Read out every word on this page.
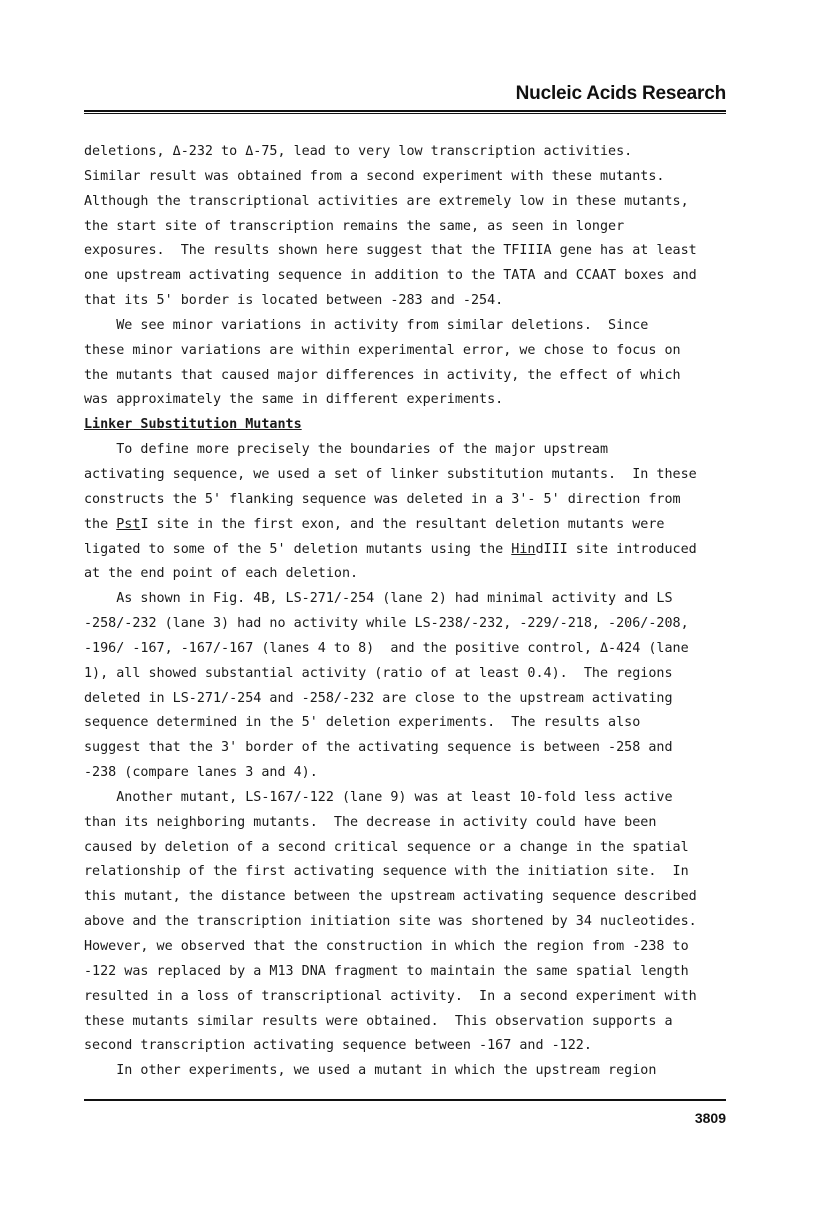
Nucleic Acids Research
deletions, Δ-232 to Δ-75, lead to very low transcription activities.
Similar result was obtained from a second experiment with these mutants.
Although the transcriptional activities are extremely low in these mutants,
the start site of transcription remains the same, as seen in longer
exposures.  The results shown here suggest that the TFIIIA gene has at least
one upstream activating sequence in addition to the TATA and CCAAT boxes and
that its 5' border is located between -283 and -254.
We see minor variations in activity from similar deletions.  Since
these minor variations are within experimental error, we chose to focus on
the mutants that caused major differences in activity, the effect of which
was approximately the same in different experiments.
Linker Substitution Mutants
To define more precisely the boundaries of the major upstream
activating sequence, we used a set of linker substitution mutants.  In these
constructs the 5' flanking sequence was deleted in a 3'- 5' direction from
the PstI site in the first exon, and the resultant deletion mutants were
ligated to some of the 5' deletion mutants using the HindIII site introduced
at the end point of each deletion.
As shown in Fig. 4B, LS-271/-254 (lane 2) had minimal activity and LS
-258/-232 (lane 3) had no activity while LS-238/-232, -229/-218, -206/-208,
-196/ -167, -167/-167 (lanes 4 to 8)  and the positive control, Δ-424 (lane
1), all showed substantial activity (ratio of at least 0.4).  The regions
deleted in LS-271/-254 and -258/-232 are close to the upstream activating
sequence determined in the 5' deletion experiments.  The results also
suggest that the 3' border of the activating sequence is between -258 and
-238 (compare lanes 3 and 4).
Another mutant, LS-167/-122 (lane 9) was at least 10-fold less active
than its neighboring mutants.  The decrease in activity could have been
caused by deletion of a second critical sequence or a change in the spatial
relationship of the first activating sequence with the initiation site.  In
this mutant, the distance between the upstream activating sequence described
above and the transcription initiation site was shortened by 34 nucleotides.
However, we observed that the construction in which the region from -238 to
-122 was replaced by a M13 DNA fragment to maintain the same spatial length
resulted in a loss of transcriptional activity.  In a second experiment with
these mutants similar results were obtained.  This observation supports a
second transcription activating sequence between -167 and -122.
In other experiments, we used a mutant in which the upstream region
3809
